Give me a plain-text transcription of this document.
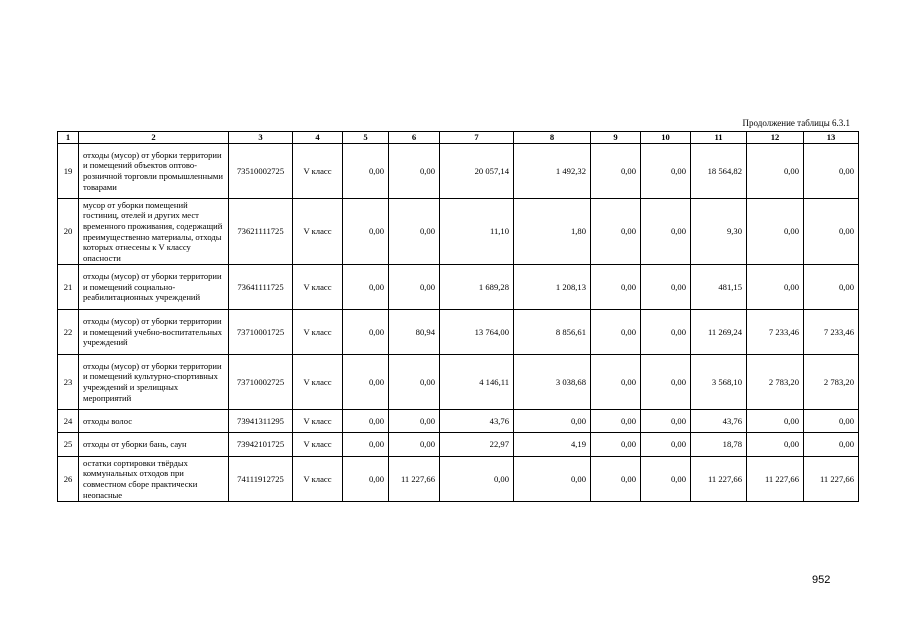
Продолжение таблицы 6.3.1
1	2	3	4	5	6	7	8	9	10	11	12	13
19	отходы (мусор) от уборки территории и помещений объектов оптово-розничной торговли промышленными товарами	73510002725	V класс	0,00	0,00	20 057,14	1 492,32	0,00	0,00	18 564,82	0,00	0,00
20	мусор от уборки помещений гостиниц, отелей и других мест временного проживания, содержащий преимущественно материалы, отходы которых отнесены к V классу опасности	73621111725	V класс	0,00	0,00	11,10	1,80	0,00	0,00	9,30	0,00	0,00
21	отходы (мусор) от уборки территории и помещений социально-реабилитационных учреждений	73641111725	V класс	0,00	0,00	1 689,28	1 208,13	0,00	0,00	481,15	0,00	0,00
22	отходы (мусор) от уборки территории и помещений учебно-воспитательных учреждений	73710001725	V класс	0,00	80,94	13 764,00	8 856,61	0,00	0,00	11 269,24	7 233,46	7 233,46
23	отходы (мусор) от уборки территории и помещений культурно-спортивных учреждений и зрелищных мероприятий	73710002725	V класс	0,00	0,00	4 146,11	3 038,68	0,00	0,00	3 568,10	2 783,20	2 783,20
24	отходы волос	73941311295	V класс	0,00	0,00	43,76	0,00	0,00	0,00	43,76	0,00	0,00
25	отходы от уборки бань, саун	73942101725	V класс	0,00	0,00	22,97	4,19	0,00	0,00	18,78	0,00	0,00
26	остатки сортировки твёрдых коммунальных отходов при совместном сборе практически неопасные	74111912725	V класс	0,00	11 227,66	0,00	0,00	0,00	0,00	11 227,66	11 227,66	11 227,66
952
